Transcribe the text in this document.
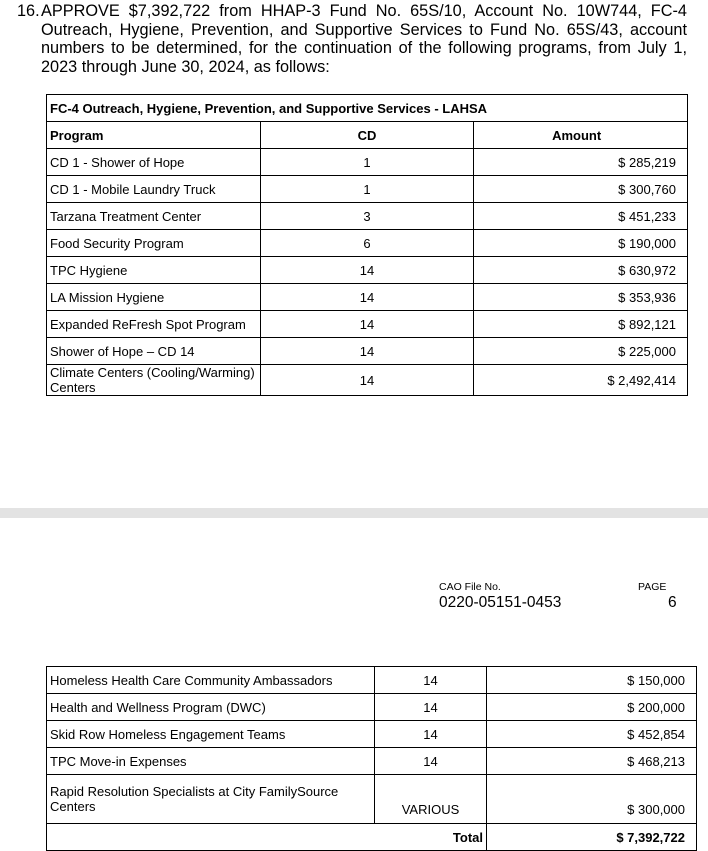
16. APPROVE $7,392,722 from HHAP-3 Fund No. 65S/10, Account No. 10W744, FC-4 Outreach, Hygiene, Prevention, and Supportive Services to Fund No. 65S/43, account numbers to be determined, for the continuation of the following programs, from July 1, 2023 through June 30, 2024, as follows:
FC-4 Outreach, Hygiene, Prevention, and Supportive Services - LAHSA		
Program	CD	Amount
CD 1 - Shower of Hope	1	$ 285,219
CD 1 - Mobile Laundry Truck	1	$ 300,760
Tarzana Treatment Center	3	$ 451,233
Food Security Program	6	$ 190,000
TPC Hygiene	14	$ 630,972
LA Mission Hygiene	14	$ 353,936
Expanded ReFresh Spot Program	14	$ 892,121
Shower of Hope – CD 14	14	$ 225,000
Climate Centers (Cooling/Warming) Centers	14	$ 2,492,414
CAO File No.
0220-05151-0453
PAGE
6
Homeless Health Care Community Ambassadors	14	$ 150,000
Health and Wellness Program (DWC)	14	$ 200,000
Skid Row Homeless Engagement Teams	14	$ 452,854
TPC Move-in Expenses	14	$ 468,213
Rapid Resolution Specialists at City FamilySource Centers	VARIOUS	$ 300,000
Total		$ 7,392,722
